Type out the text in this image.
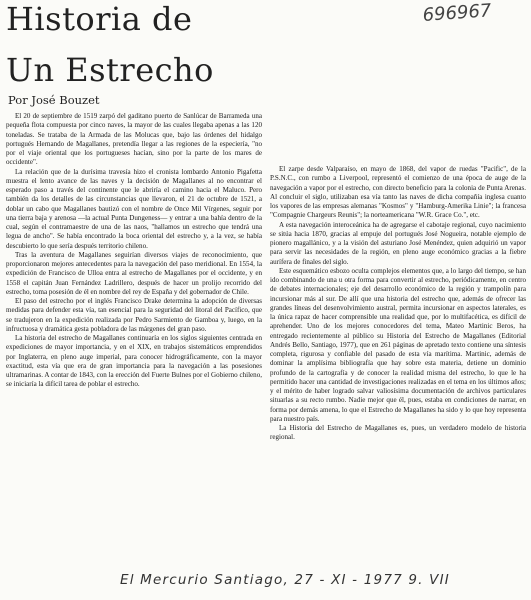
Historia de
Un Estrecho

Por José Bouzet

696967

El 20 de septiembre de 1519 zarpó del gaditano puerto de Sanlúcar de Barrameda una pequeña flota compuesta por cinco naves, la mayor de las cuales llegaba apenas a las 120 toneladas. Se trataba de la Armada de las Molucas que, bajo las órdenes del hidalgo portugués Hernando de Magallanes, pretendía llegar a las regiones de la especiería, "no por el viaje oriental que los portugueses hacían, sino por la parte de los mares de occidente".

La relación que de la durísima travesía hizo el cronista lombardo Antonio Pigafetta muestra el lento avance de las naves y la decisión de Magallanes al no encontrar el esperado paso a través del continente que le abriría el camino hacia el Maluco. Pero también da los detalles de las circunstancias que llevaron, el 21 de octubre de 1521, a doblar un cabo que Magallanes bautizó con el nombre de Once Mil Vírgenes, seguir por una tierra baja y arenosa —la actual Punta Dungeness— y entrar a una bahía dentro de la cual, según el contramaestre de una de las naos, "hallamos un estrecho que tendrá una legua de ancho". Se había encontrado la boca oriental del estrecho y, a la vez, se había descubierto lo que sería después territorio chileno.

Tras la aventura de Magallanes seguirían diversos viajes de reconocimiento, que proporcionaron mejores antecedentes para la navegación del paso meridional. En 1554, la expedición de Francisco de Ulloa entra al estrecho de Magallanes por el occidente, y en 1558 el capitán Juan Fernández Ladrillero, después de hacer un prolijo recorrido del estrecho, toma posesión de él en nombre del rey de España y del gobernador de Chile.

El paso del estrecho por el inglés Francisco Drake determina la adopción de diversas medidas para defender esta vía, tan esencial para la seguridad del litoral del Pacífico, que se tradujeron en la expedición realizada por Pedro Sarmiento de Gamboa y, luego, en la infructuosa y dramática gesta pobladora de las márgenes del gran paso.

La historia del estrecho de Magallanes continuaría en los siglos siguientes centrada en expediciones de mayor importancia, y en el XIX, en trabajos sistemáticos emprendidos por Inglaterra, en pleno auge imperial, para conocer hidrográficamente, con la mayor exactitud, esta vía que era de gran importancia para la navegación a las posesiones ultramarinas. A contar de 1843, con la erección del Fuerte Bulnes por el Gobierno chileno, se iniciaría la difícil tarea de poblar el estrecho.

El zarpe desde Valparaíso, en mayo de 1868, del vapor de ruedas "Pacific", de la P.S.N.C., con rumbo a Liverpool, representó el comienzo de una época de auge de la navegación a vapor por el estrecho, con directo beneficio para la colonia de Punta Arenas. Al concluir el siglo, utilizaban esa vía tanto las naves de dicha compañía inglesa cuanto los vapores de las empresas alemanas "Kosmos" y "Hamburg-Amerika Linie"; la francesa "Compagnie Chargeurs Reunis"; la norteamericana "W.R. Grace Co.", etc.

A esta navegación interoceánica ha de agregarse el cabotaje regional, cuyo nacimiento se sitúa hacia 1870, gracias al empuje del portugués José Nogueira, notable ejemplo de pionero magallánico, y a la visión del asturiano José Menéndez, quien adquirió un vapor para servir las necesidades de la región, en pleno auge económico gracias a la fiebre aurífera de finales del siglo.

Este esquemático esbozo oculta complejos elementos que, a lo largo del tiempo, se han ido combinando de una u otra forma para convertir al estrecho, periódicamente, en centro de debates internacionales; eje del desarrollo económico de la región y trampolín para incursionar más al sur. De allí que una historia del estrecho que, además de ofrecer las grandes líneas del desenvolvimiento austral, permita incursionar en aspectos laterales, es la única rapaz de hacer comprensible una realidad que, por lo multifacética, es difícil de aprehender. Uno de los mejores conocedores del tema, Mateo Martinic Beros, ha entregado recientemente al público su Historia del Estrecho de Magallanes (Editorial Andrés Bello, Santiago, 1977), que en 261 páginas de apretado texto contiene una síntesis completa, rigurosa y confiable del pasado de esta vía marítima. Martinic, además de dominar la amplísima bibliografía que hay sobre esta materia, detiene un dominio profundo de la cartografía y de conocer la realidad misma del estrecho, lo que le ha permitido hacer una cantidad de investigaciones realizadas en el tema en los últimos años; y el mérito de haber logrado salvar valiosísima documentación de archivos particulares situarlas a su recto rumbo. Nadie mejor que él, pues, estaba en condiciones de narrar, en forma por demás amena, lo que el Estrecho de Magallanes ha sido y lo que hoy representa para nuestro país.

La Historia del Estrecho de Magallanes es, pues, un verdadero modelo de historia regional.

El Mercurio Santiago, 27 - XI - 1977 9. VII
